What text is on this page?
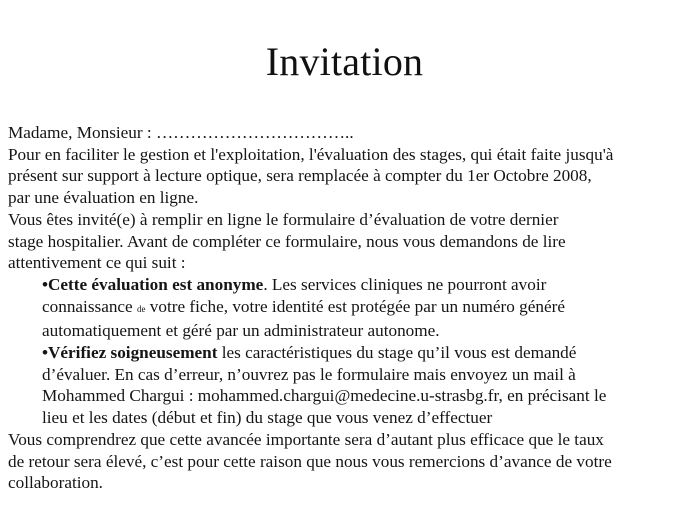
Invitation
Madame, Monsieur : ……………………………..
Pour en faciliter le gestion et l'exploitation, l'évaluation des stages, qui était faite jusqu'à
présent sur support à lecture optique, sera remplacée à compter du 1er Octobre 2008,
par une évaluation en ligne.
Vous êtes invité(e) à remplir en ligne le formulaire d’évaluation de votre dernier
stage hospitalier. Avant de compléter ce formulaire, nous vous demandons de lire
attentivement ce qui suit :
•Cette évaluation est anonyme. Les services cliniques ne pourront avoir
connaissance de votre fiche, votre identité est protégée par un numéro généré
automatiquement et géré par un administrateur autonome.
•Vérifiez soigneusement les caractéristiques du stage qu’il vous est demandé
d’évaluer. En cas d’erreur, n’ouvrez pas le formulaire mais envoyez un mail à
Mohammed Chargui : mohammed.chargui@medecine.u-strasbg.fr, en précisant le
lieu et les dates (début et fin) du stage que vous venez d’effectuer
Vous comprendrez que cette avancée importante sera d’autant plus efficace que le taux
de retour sera élevé, c’est pour cette raison que nous vous remercions d’avance de votre
collaboration.
